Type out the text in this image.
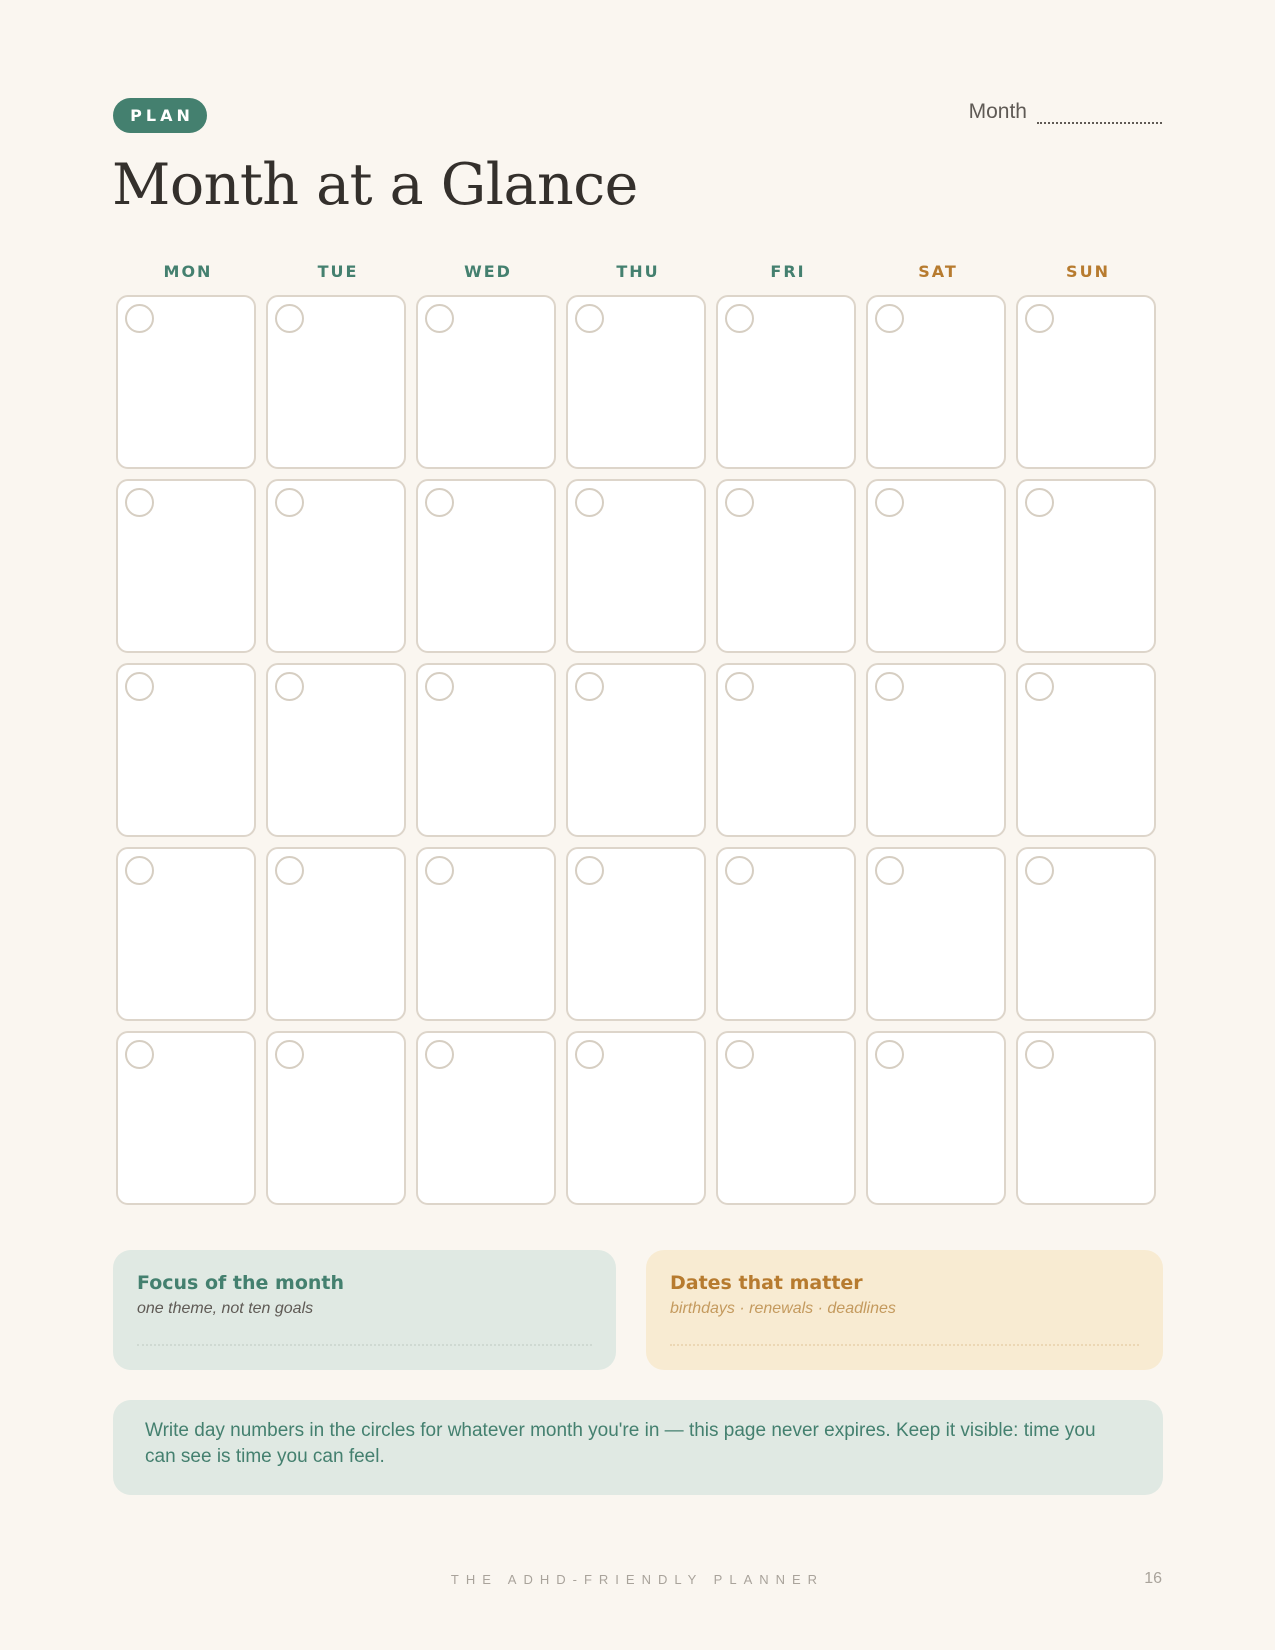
PLAN	Month
Month at a Glance
MON	TUE	WED	THU	FRI	SAT	SUN
Focus of the month
one theme, not ten goals
Dates that matter
birthdays · renewals · deadlines
Write day numbers in the circles for whatever month you're in — this page never expires. Keep it visible: time you can see is time you can feel.
THE ADHD-FRIENDLY PLANNER	16
